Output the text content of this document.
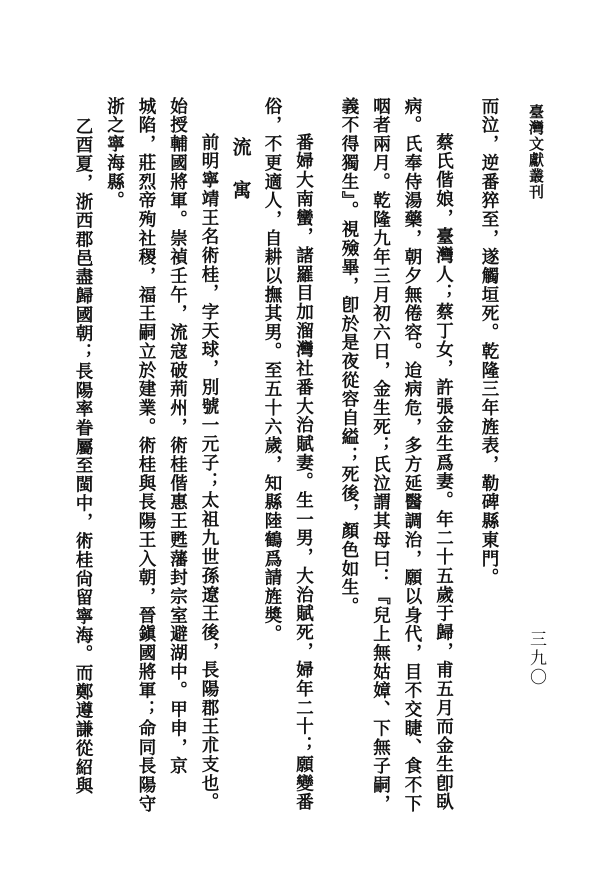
臺灣文獻叢刊
三九〇

而泣，逆番猝至，遂觸垣死。乾隆三年旌表，勒碑縣東門。

蔡氏偕娘，臺灣人；蔡丁女，許張金生爲妻。年二十五歲于歸，甫五月而金生卽臥

病。氏奉侍湯藥，朝夕無倦容。迨病危，多方延醫調治，願以身代，目不交睫、食不下

咽者兩月。乾隆九年三月初六日，金生死；氏泣謂其母曰：『兒上無姑嫜、下無子嗣，

義不得獨生』。視殮畢，卽於是夜從容自縊；死後，顏色如生。

番婦大南蠻，諸羅目加溜灣社番大治賦妻。生一男，大治賦死，婦年二十；願變番

俗，不更適人，自耕以撫其男。至五十六歲，知縣陸鶴爲請旌奬。

流寓

前明寧靖王名術桂，字天球，別號一元子；太祖九世孫遼王後，長陽郡王朮支也。

始授輔國將軍。崇禎壬午，流寇破荊州，術桂偕惠王甦藩封宗室避湖中。甲申，京

城陷，莊烈帝殉社稷，福王嗣立於建業。術桂與長陽王入朝，晉鎭國將軍；命同長陽守

浙之寧海縣。

乙酉夏，浙西郡邑盡歸國朝；長陽率眷屬至閩中，術桂尙留寧海。而鄭遵謙從紹與
